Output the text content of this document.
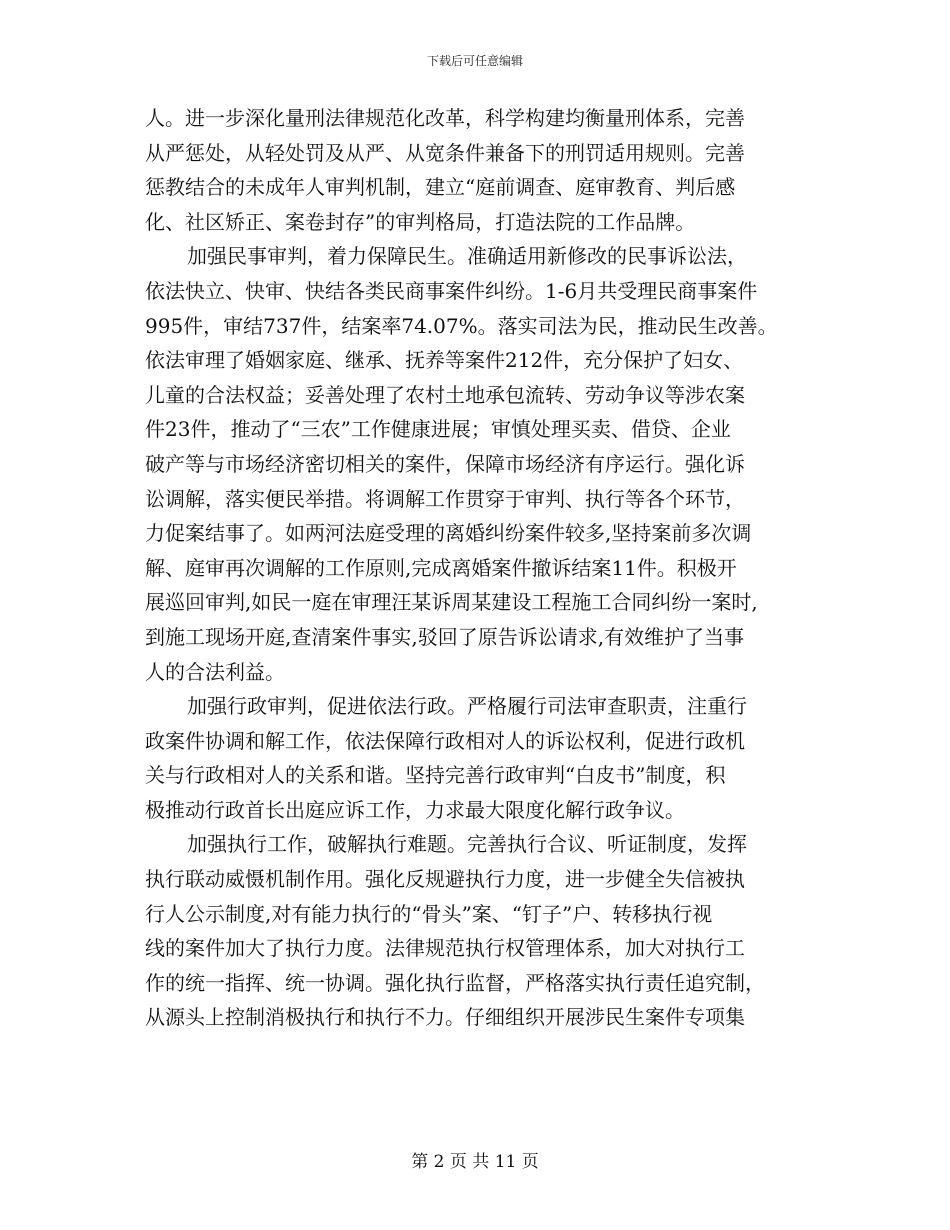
下载后可任意编辑
人。进一步深化量刑法律规范化改革，科学构建均衡量刑体系，完善
从严惩处，从轻处罚及从严、从宽条件兼备下的刑罚适用规则。完善
惩教结合的未成年人审判机制，建立“庭前调查、庭审教育、判后感
化、社区矫正、案卷封存”的审判格局，打造法院的工作品牌。
加强民事审判，着力保障民生。准确适用新修改的民事诉讼法，
依法快立、快审、快结各类民商事案件纠纷。1-6月共受理民商事案件
995件，审结737件，结案率74.07%。落实司法为民，推动民生改善。
依法审理了婚姻家庭、继承、抚养等案件212件，充分保护了妇女、
儿童的合法权益；妥善处理了农村土地承包流转、劳动争议等涉农案
件23件，推动了“三农”工作健康进展；审慎处理买卖、借贷、企业
破产等与市场经济密切相关的案件，保障市场经济有序运行。强化诉
讼调解，落实便民举措。将调解工作贯穿于审判、执行等各个环节，
力促案结事了。如两河法庭受理的离婚纠纷案件较多,坚持案前多次调
解、庭审再次调解的工作原则,完成离婚案件撤诉结案11件。积极开
展巡回审判,如民一庭在审理汪某诉周某建设工程施工合同纠纷一案时,
到施工现场开庭,查清案件事实,驳回了原告诉讼请求,有效维护了当事
人的合法利益。
加强行政审判，促进依法行政。严格履行司法审查职责，注重行
政案件协调和解工作，依法保障行政相对人的诉讼权利，促进行政机
关与行政相对人的关系和谐。坚持完善行政审判“白皮书”制度，积
极推动行政首长出庭应诉工作，力求最大限度化解行政争议。
加强执行工作，破解执行难题。完善执行合议、听证制度，发挥
执行联动威慑机制作用。强化反规避执行力度，进一步健全失信被执
行人公示制度,对有能力执行的“骨头”案、“钉子”户、转移执行视
线的案件加大了执行力度。法律规范执行权管理体系，加大对执行工
作的统一指挥、统一协调。强化执行监督，严格落实执行责任追究制，
从源头上控制消极执行和执行不力。仔细组织开展涉民生案件专项集
第 2 页 共 11 页
